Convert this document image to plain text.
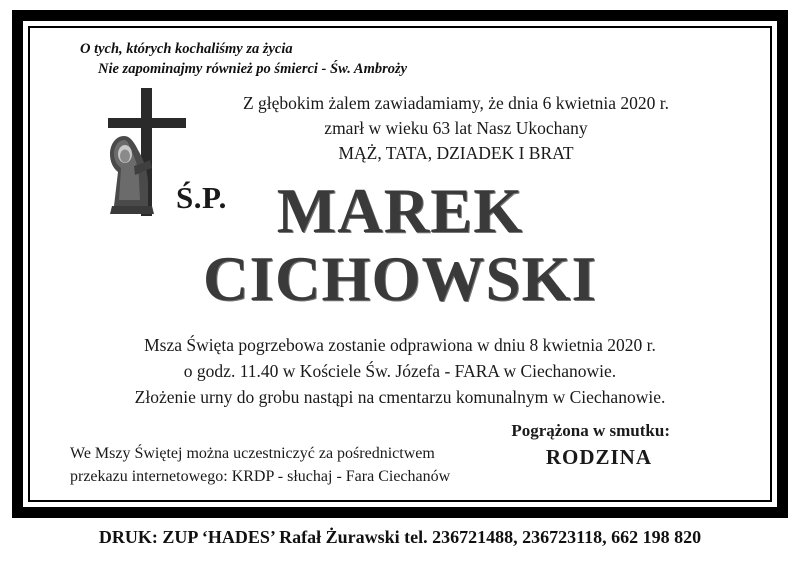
O tych, których kochaliśmy za życia
Nie zapominajmy również po śmierci - Św. Ambroży
Ś.P.
Z głębokim żalem zawiadamiamy, że dnia 6 kwietnia 2020 r.
zmarł w wieku 63 lat Nasz Ukochany
MĄŻ, TATA, DZIADEK I BRAT
MAREK
CICHOWSKI
Msza Święta pogrzebowa zostanie odprawiona w dniu 8 kwietnia 2020 r.
o godz. 11.40 w Kościele Św. Józefa - FARA w Ciechanowie.
Złożenie urny do grobu nastąpi na cmentarzu komunalnym w Ciechanowie.
Pogrążona w smutku:
RODZINA
We Mszy Świętej można uczestniczyć za pośrednictwem
przekazu internetowego: KRDP - słuchaj - Fara Ciechanów
DRUK: ZUP ‘HADES’ Rafał Żurawski tel. 236721488, 236723118, 662 198 820
